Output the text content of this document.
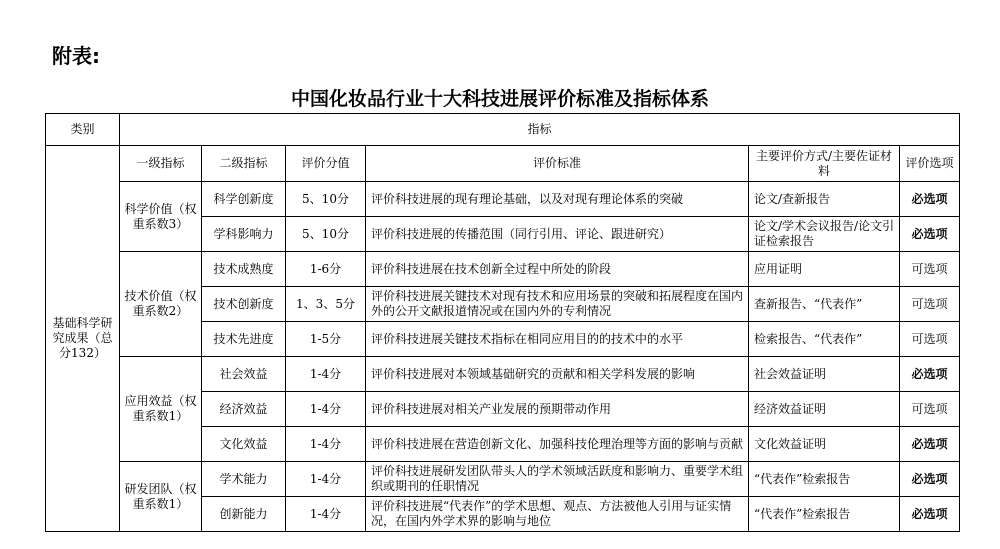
附表:
中国化妆品行业十大科技进展评价标准及指标体系
类别	指标					
基础科学研究成果（总分132）	一级指标	二级指标	评价分值	评价标准	主要评价方式/主要佐证材料	评价选项
	科学价值（权重系数3）	科学创新度	5、10分	评价科技进展的现有理论基础，以及对现有理论体系的突破	论文/查新报告	必选项
		学科影响力	5、10分	评价科技进展的传播范围（同行引用、评论、跟进研究）	论文/学术会议报告/论文引证检索报告	必选项
	技术价值（权重系数2）	技术成熟度	1-6分	评价科技进展在技术创新全过程中所处的阶段	应用证明	可选项
		技术创新度	1、3、5分	评价科技进展关键技术对现有技术和应用场景的突破和拓展程度在国内外的公开文献报道情况或在国内外的专利情况	查新报告、“代表作”	可选项
		技术先进度	1-5分	评价科技进展关键技术指标在相同应用目的的技术中的水平	检索报告、“代表作”	可选项
	应用效益（权重系数1）	社会效益	1-4分	评价科技进展对本领域基础研究的贡献和相关学科发展的影响	社会效益证明	必选项
		经济效益	1-4分	评价科技进展对相关产业发展的预期带动作用	经济效益证明	可选项
		文化效益	1-4分	评价科技进展在营造创新文化、加强科技伦理治理等方面的影响与贡献	文化效益证明	必选项
	研发团队（权重系数1）	学术能力	1-4分	评价科技进展研发团队带头人的学术领域活跃度和影响力、重要学术组织或期刊的任职情况	“代表作”检索报告	必选项
		创新能力	1-4分	评价科技进展“代表作”的学术思想、观点、方法被他人引用与证实情况，在国内外学术界的影响与地位	“代表作”检索报告	必选项
